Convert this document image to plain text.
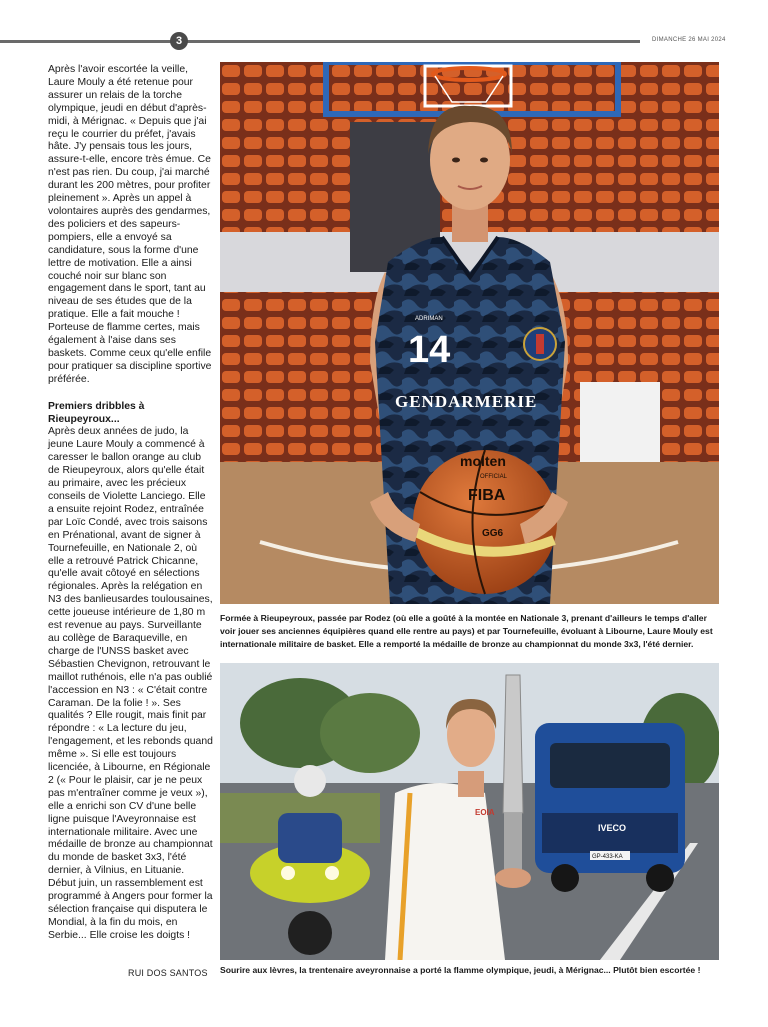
3	DIMANCHE 26 MAI 2024

Après l'avoir escortée la veille, Laure Mouly a été retenue pour assurer un relais de la torche olympique, jeudi en début d'après-midi, à Mérignac. « Depuis que j'ai reçu le courrier du préfet, j'avais hâte. J'y pensais tous les jours, assure-t-elle, encore très émue. Ce n'est pas rien. Du coup, j'ai marché durant les 200 mètres, pour profiter pleinement ». Après un appel à volontaires auprès des gendarmes, des policiers et des sapeurs-pompiers, elle a envoyé sa candidature, sous la forme d'une lettre de motivation. Elle a ainsi couché noir sur blanc son engagement dans le sport, tant au niveau de ses études que de la pratique. Elle a fait mouche ! Porteuse de flamme certes, mais également à l'aise dans ses baskets. Comme ceux qu'elle enfile pour pratiquer sa discipline sportive préférée.

Premiers dribbles à Rieupeyroux...

Après deux années de judo, la jeune Laure Mouly a commencé à caresser le ballon orange au club de Rieupeyroux, alors qu'elle était au primaire, avec les précieux conseils de Violette Lanciego. Elle a ensuite rejoint Rodez, entraînée par Loïc Condé, avec trois saisons en Prénational, avant de signer à Tournefeuille, en Nationale 2, où elle a retrouvé Patrick Chicanne, qu'elle avait côtoyé en sélections régionales. Après la relégation en N3 des banlieusardes toulousaines, cette joueuse intérieure de 1,80 m est revenue au pays. Surveillante au collège de Baraqueville, en charge de l'UNSS basket avec Sébastien Chevignon, retrouvant le maillot ruthénois, elle n'a pas oublié l'accession en N3 : « C'était contre Caraman. De la folie ! ». Ses qualités ? Elle rougit, mais finit par répondre : « La lecture du jeu, l'engagement, et les rebonds quand même ». Si elle est toujours licenciée, à Libourne, en Régionale 2 (« Pour le plaisir, car je ne peux pas m'entraîner comme je veux »), elle a enrichi son CV d'une belle ligne puisque l'Aveyronnaise est internationale militaire. Avec une médaille de bronze au championnat du monde de basket 3x3, l'été dernier, à Vilnius, en Lituanie. Début juin, un rassemblement est programmé à Angers pour former la sélection française qui disputera le Mondial, à la fin du mois, en Serbie... Elle croise les doigts !

RUI DOS SANTOS
14
GENDARMERIE
ADRIMAN
molten
OFFICIAL
FIBA
GG6
Formée à Rieupeyroux, passée par Rodez (où elle a goûté à la montée en Nationale 3, prenant d'ailleurs le temps d'aller voir jouer ses anciennes équipières quand elle rentre au pays) et par Tournefeuille, évoluant à Libourne, Laure Mouly est internationale militaire de basket. Elle a remporté la médaille de bronze au championnat du monde 3x3, l'été dernier.
IVECO
GP-433-KA
EOIA
Sourire aux lèvres, la trentenaire aveyronnaise a porté la flamme olympique, jeudi, à Mérignac... Plutôt bien escortée !
